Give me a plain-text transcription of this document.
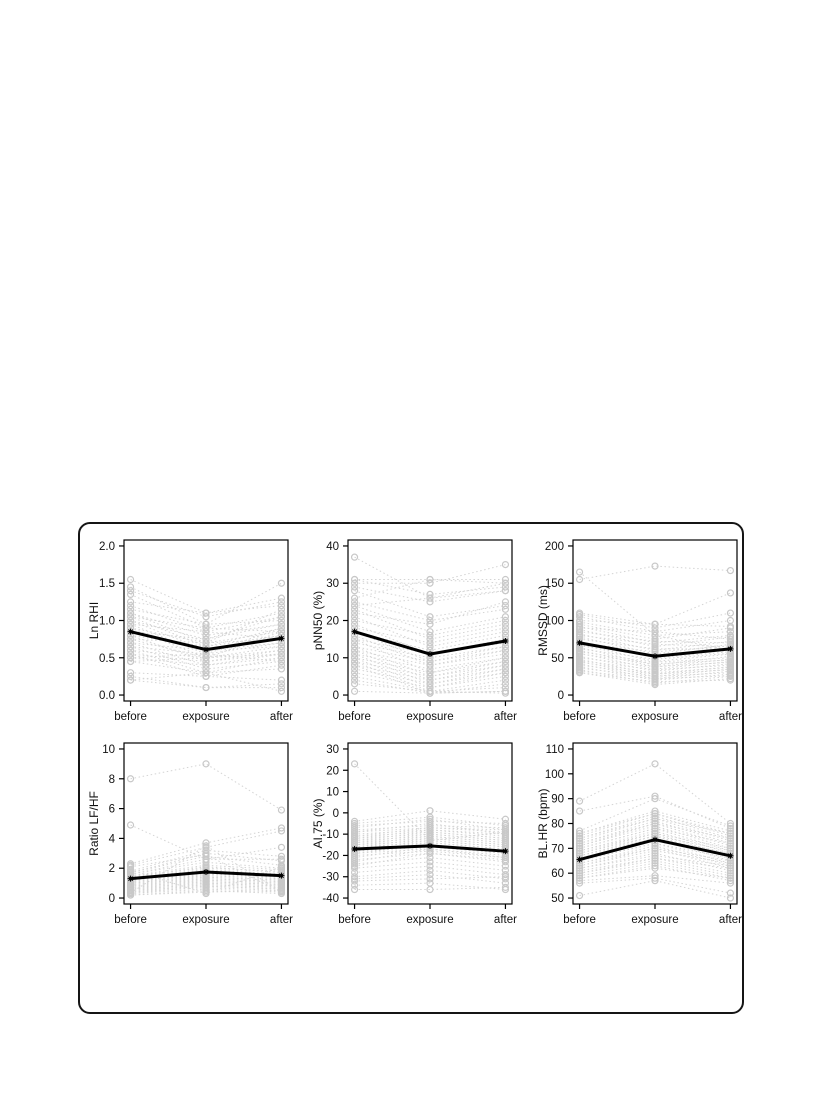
0.0
0.5
1.0
1.5
2.0
before	exposure	after
Ln RHI
0
10
20
30
40
before	exposure	after
pNN50 (%)
0
50
100
150
200
before	exposure	after
RMSSD (ms)
0
2
4
6
8
10
before	exposure	after
Ratio LF/HF
-40
-30
-20
-10
0
10
20
30
before	exposure	after
AI.75 (%)
50
60
70
80
90
100
110
before	exposure	after
BL.HR (bpm)
